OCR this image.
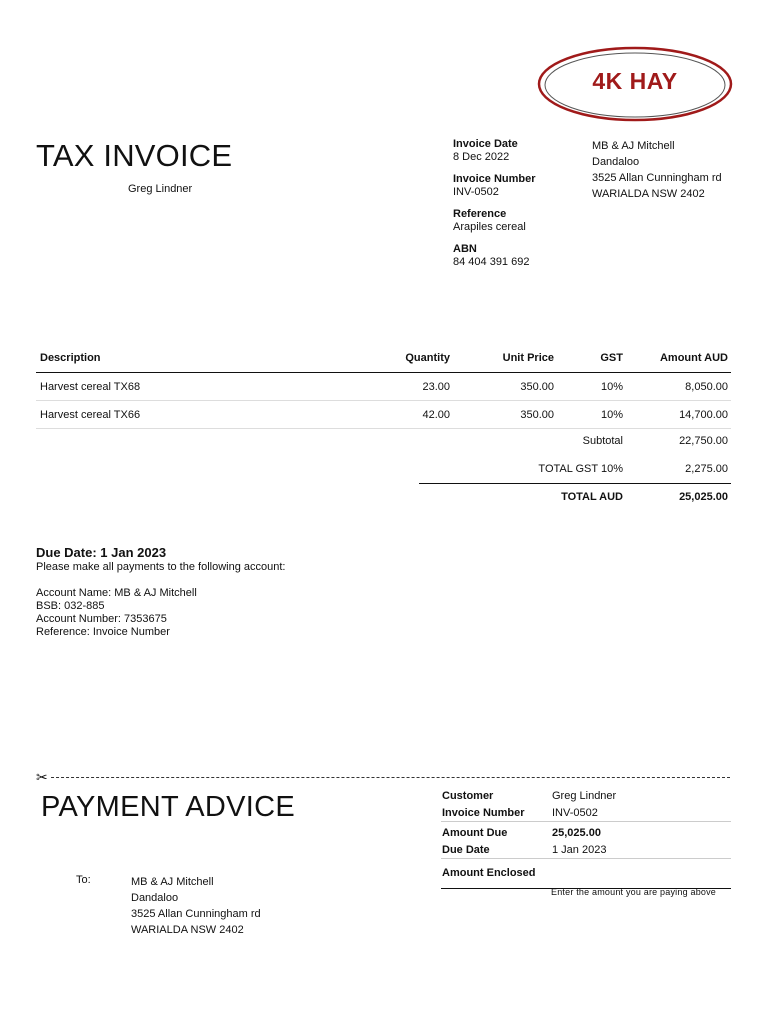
4K HAY
TAX INVOICE
Greg Lindner
Invoice Date
8 Dec 2022
Invoice Number
INV-0502
Reference
Arapiles cereal
ABN
84 404 391 692
MB & AJ Mitchell
Dandaloo
3525 Allan Cunningham rd
WARIALDA NSW 2402
Description	Quantity	Unit Price	GST	Amount AUD
Harvest cereal TX68	23.00	350.00	10%	8,050.00
Harvest cereal TX66	42.00	350.00	10%	14,700.00
Subtotal	22,750.00
TOTAL GST 10%	2,275.00
TOTAL AUD	25,025.00
Due Date: 1 Jan 2023
Please make all payments to the following account:
Account Name: MB & AJ Mitchell
BSB: 032-885
Account Number: 7353675
Reference: Invoice Number
✂
PAYMENT ADVICE	Customer	Greg Lindner
Invoice Number INV-0502
Amount Due	25,025.00
Due Date	1 Jan 2023
Amount Enclosed
Enter the amount you are paying above
To:	MB & AJ Mitchell
Dandaloo
3525 Allan Cunningham rd
WARIALDA NSW 2402
